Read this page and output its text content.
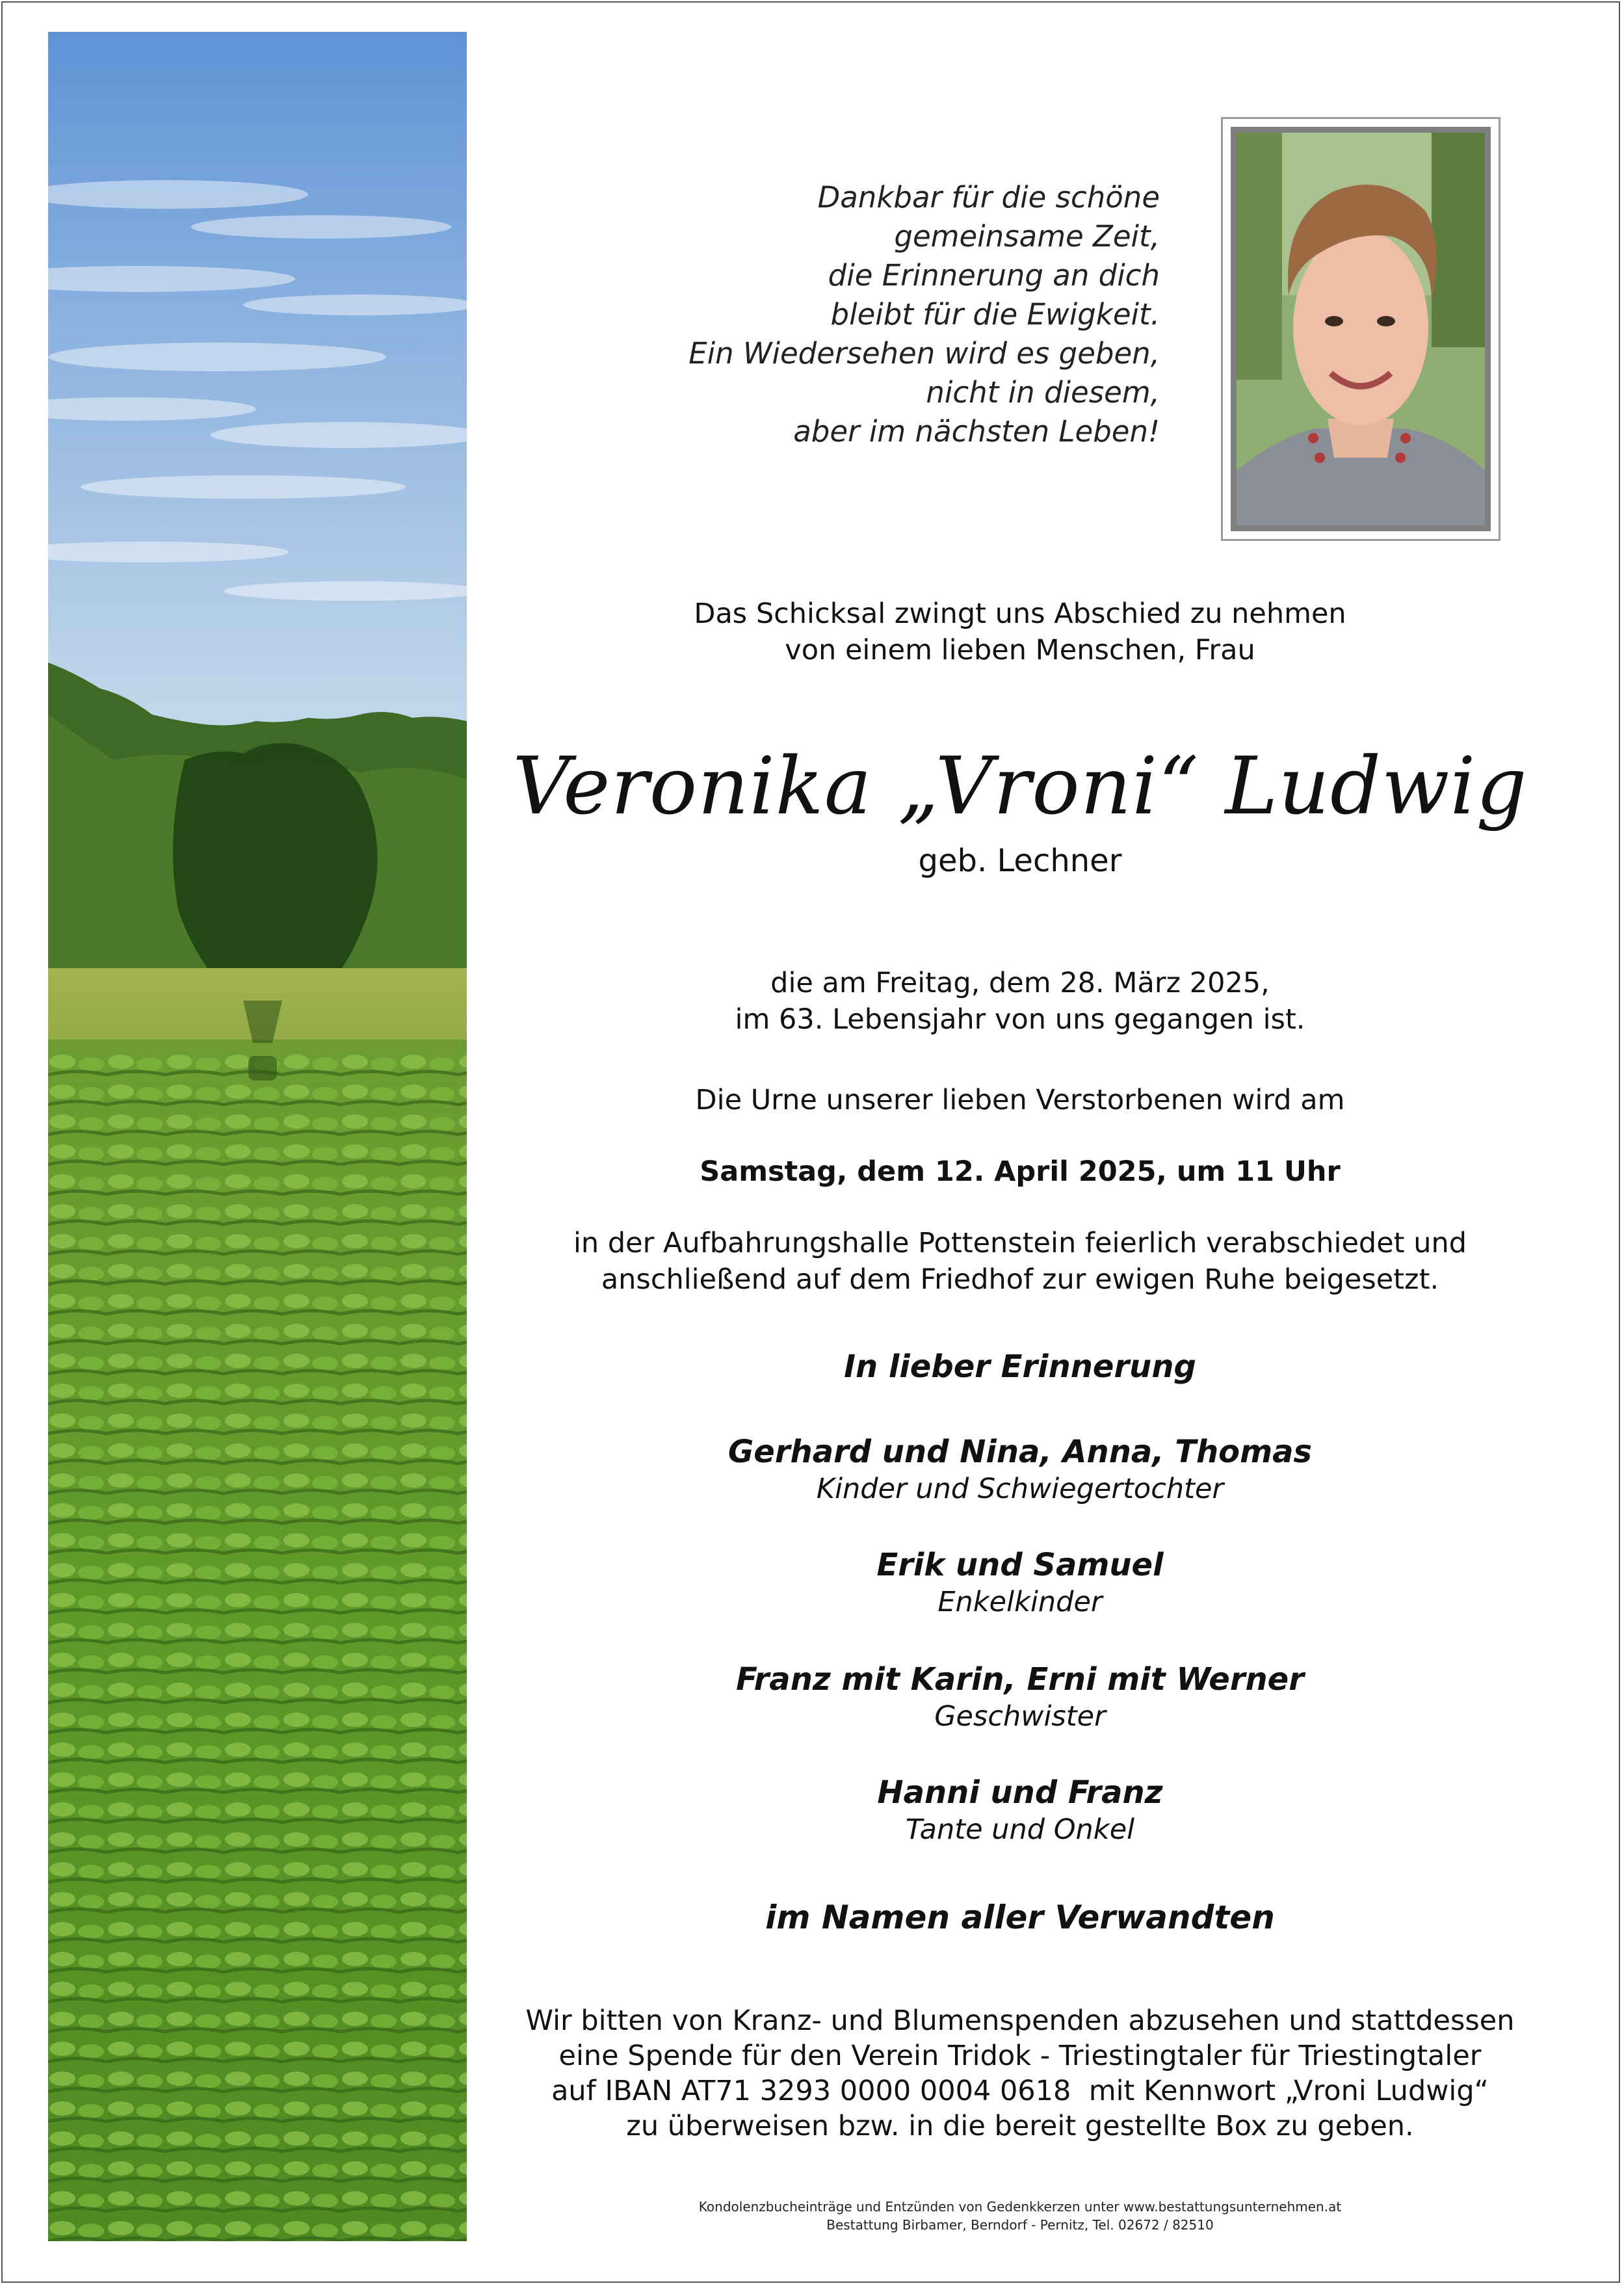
Dankbar für die schöne
gemeinsame Zeit,
die Erinnerung an dich
bleibt für die Ewigkeit.
Ein Wiedersehen wird es geben,
nicht in diesem,
aber im nächsten Leben!
Das Schicksal zwingt uns Abschied zu nehmen
von einem lieben Menschen, Frau
Veronika „Vroni“ Ludwig
geb. Lechner
die am Freitag, dem 28. März 2025,
im 63. Lebensjahr von uns gegangen ist.
Die Urne unserer lieben Verstorbenen wird am
Samstag, dem 12. April 2025, um 11 Uhr
in der Aufbahrungshalle Pottenstein feierlich verabschiedet und
anschließend auf dem Friedhof zur ewigen Ruhe beigesetzt.
In lieber Erinnerung
Gerhard und Nina, Anna, Thomas
Kinder und Schwiegertochter
Erik und Samuel
Enkelkinder
Franz mit Karin, Erni mit Werner
Geschwister
Hanni und Franz
Tante und Onkel
im Namen aller Verwandten
Wir bitten von Kranz- und Blumenspenden abzusehen und stattdessen
eine Spende für den Verein Tridok - Triestingtaler für Triestingtaler
auf IBAN AT71 3293 0000 0004 0618  mit Kennwort „Vroni Ludwig“
zu überweisen bzw. in die bereit gestellte Box zu geben.
Kondolenzbucheinträge und Entzünden von Gedenkkerzen unter www.bestattungsunternehmen.at
Bestattung Birbamer, Berndorf - Pernitz, Tel. 02672 / 82510
